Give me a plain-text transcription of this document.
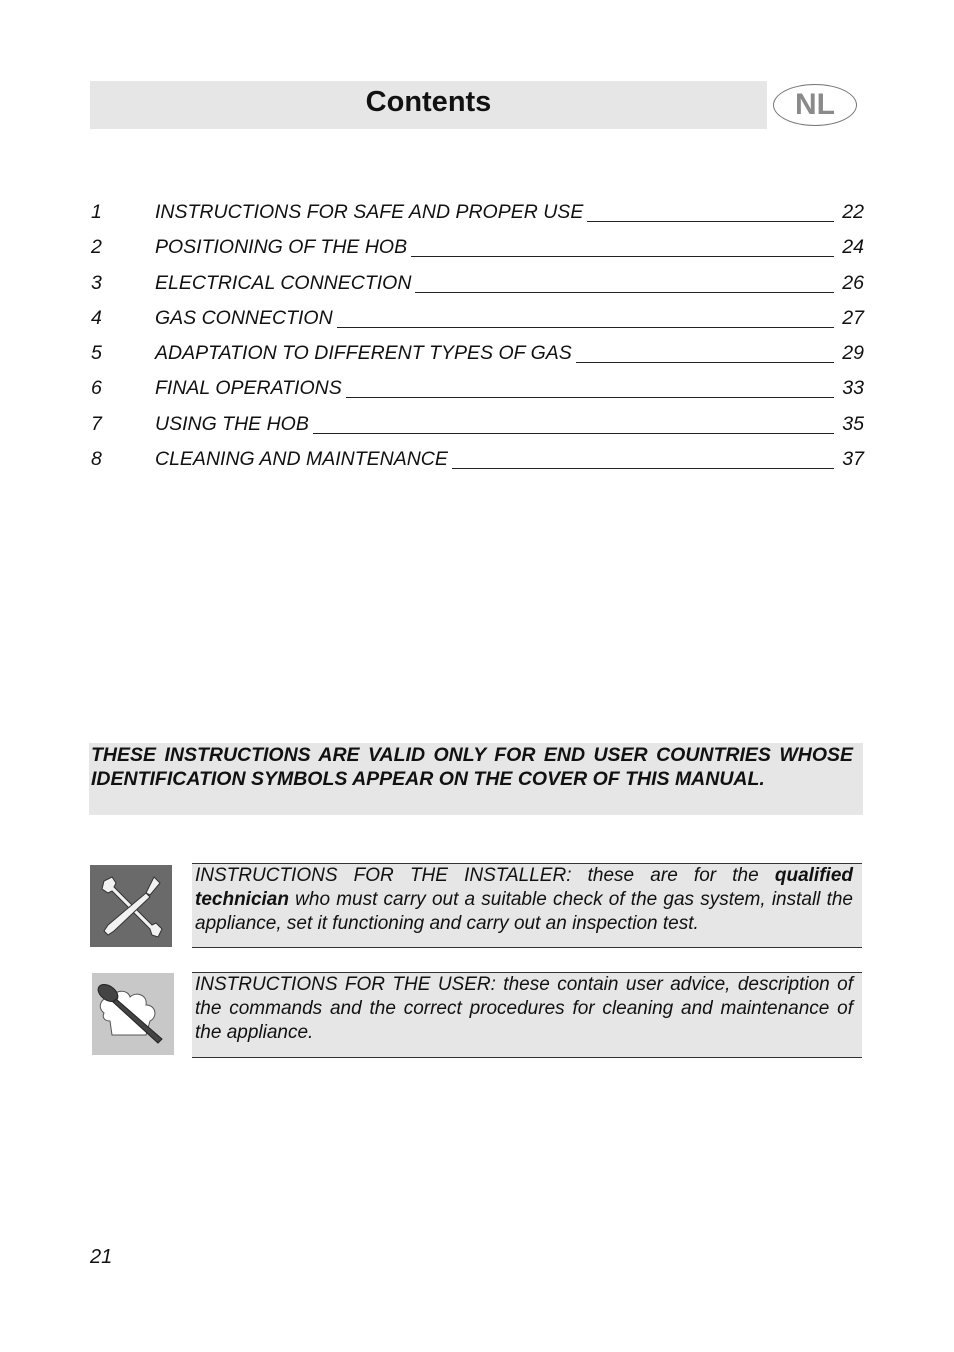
Contents	NL
1	INSTRUCTIONS FOR SAFE AND PROPER USE	22
2	POSITIONING OF THE HOB	24
3	ELECTRICAL CONNECTION	26
4	GAS CONNECTION	27
5	ADAPTATION TO DIFFERENT TYPES OF GAS	29
6	FINAL OPERATIONS	33
7	USING THE HOB	35
8	CLEANING AND MAINTENANCE	37

THESE INSTRUCTIONS ARE VALID ONLY FOR END USER COUNTRIES WHOSE IDENTIFICATION SYMBOLS APPEAR ON THE COVER OF THIS MANUAL.

INSTRUCTIONS FOR THE INSTALLER: these are for the qualified technician who must carry out a suitable check of the gas system, install the appliance, set it functioning and carry out an inspection test.

INSTRUCTIONS FOR THE USER: these contain user advice, description of the commands and the correct procedures for cleaning and maintenance of the appliance.

21
